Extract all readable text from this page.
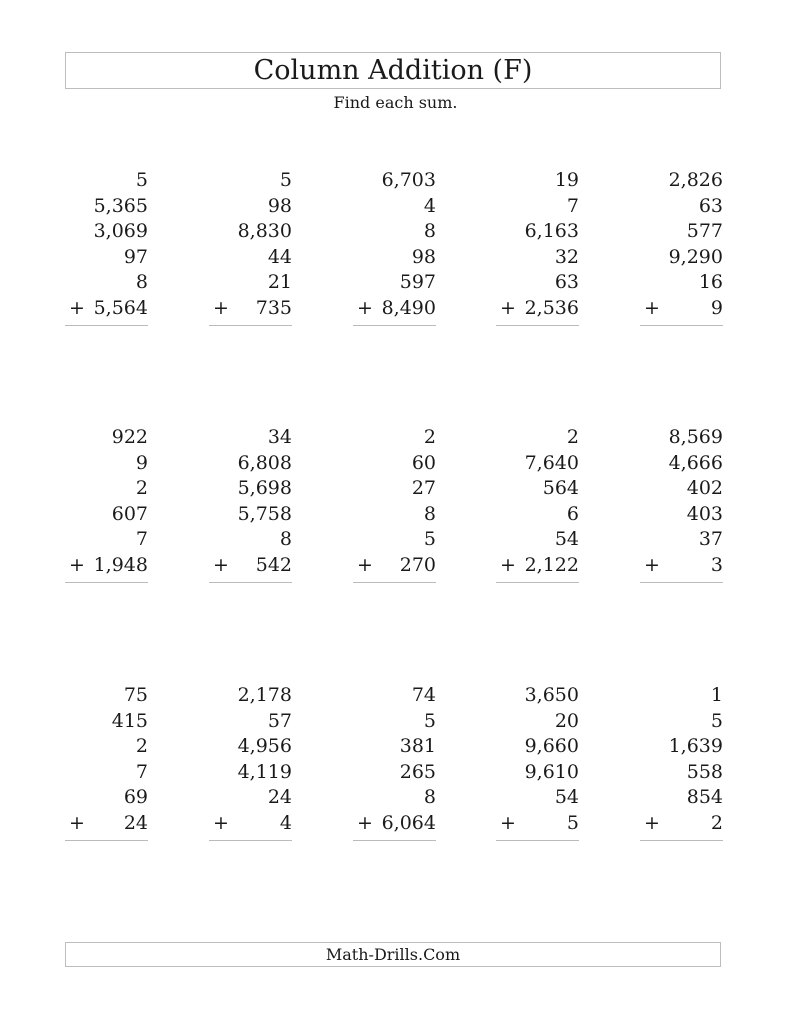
Column Addition (F)
Find each sum.
5
5,365
3,069
97
8
+ 5,564
5
98
8,830
44
21
+ 735
6,703
4
8
98
597
+ 8,490
19
7
6,163
32
63
+ 2,536
2,826
63
577
9,290
16
+	9
922
9
2
607
7
+ 1,948
34
6,808
5,698
5,758
8
+ 542
2
60
27
8
5
+ 270
2
7,640
564
6
54
+ 2,122
8,569
4,666
402
403
37
+	3
75
415
2
7
69
+ 24
2,178
57
4,956
4,119
24
+	4
74
5
381
265
8
+ 6,064
3,650
20
9,660
9,610
54
+	5
1
5
1,639
558
854
+	2
Math-Drills.Com
